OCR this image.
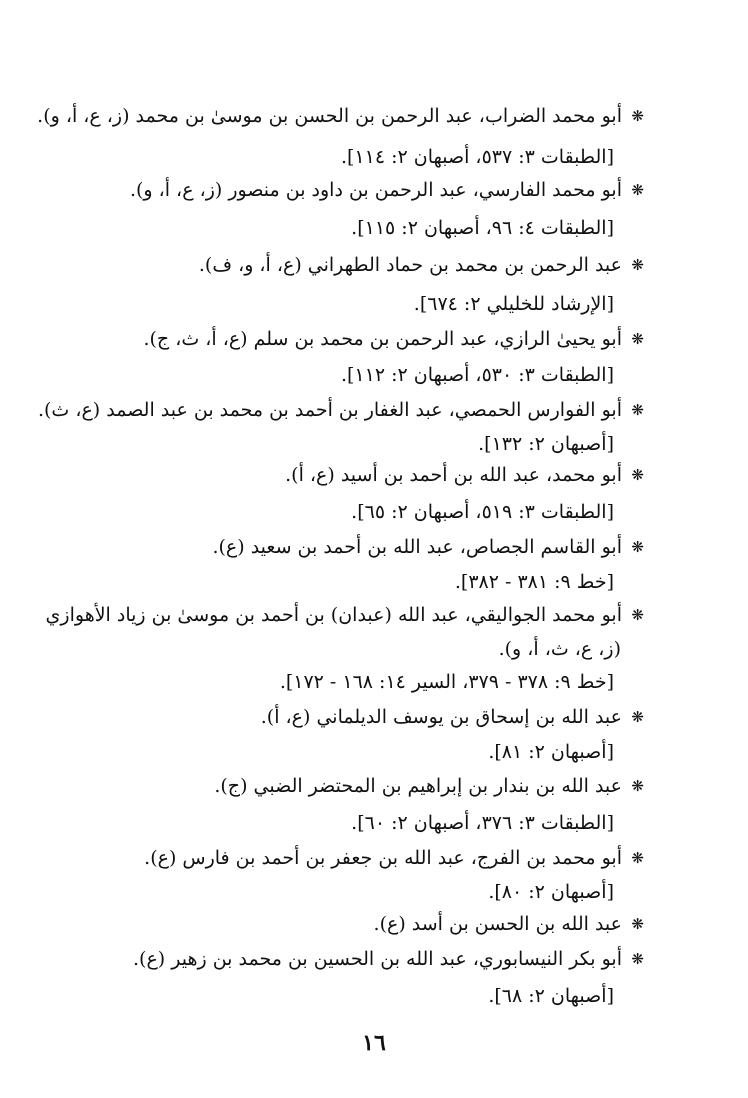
❋أبو محمد الضراب، عبد الرحمن بن الحسن بن موسىٰ بن محمد (ز، ع، أ، و).
[الطبقات ٣: ٥٣٧، أصبهان ٢: ١١٤].
❋أبو محمد الفارسي، عبد الرحمن بن داود بن منصور (ز، ع، أ، و).
[الطبقات ٤: ٩٦، أصبهان ٢: ١١٥].
❋عبد الرحمن بن محمد بن حماد الطهراني (ع، أ، و، ف).
[الإرشاد للخليلي ٢: ٦٧٤].
❋أبو يحيىٰ الرازي، عبد الرحمن بن محمد بن سلم (ع، أ، ث، ج).
[الطبقات ٣: ٥٣٠، أصبهان ٢: ١١٢].
❋أبو الفوارس الحمصي، عبد الغفار بن أحمد بن محمد بن عبد الصمد (ع، ث).
[أصبهان ٢: ١٣٢].
❋أبو محمد، عبد الله بن أحمد بن أسيد (ع، أ).
[الطبقات ٣: ٥١٩، أصبهان ٢: ٦٥].
❋أبو القاسم الجصاص، عبد الله بن أحمد بن سعيد (ع).
[خط ٩: ٣٨١ - ٣٨٢].
❋أبو محمد الجواليقي، عبد الله (عبدان) بن أحمد بن موسىٰ بن زياد الأهوازي
(ز، ع، ث، أ، و).
[خط ٩: ٣٧٨ - ٣٧٩، السير ١٤: ١٦٨ - ١٧٢].
❋عبد الله بن إسحاق بن يوسف الديلماني (ع، أ).
[أصبهان ٢: ٨١].
❋عبد الله بن بندار بن إبراهيم بن المحتضر الضبي (ج).
[الطبقات ٣: ٣٧٦، أصبهان ٢: ٦٠].
❋أبو محمد بن الفرج، عبد الله بن جعفر بن أحمد بن فارس (ع).
[أصبهان ٢: ٨٠].
❋عبد الله بن الحسن بن أسد (ع).
❋أبو بكر النيسابوري، عبد الله بن الحسين بن محمد بن زهير (ع).
[أصبهان ٢: ٦٨].
١٦
